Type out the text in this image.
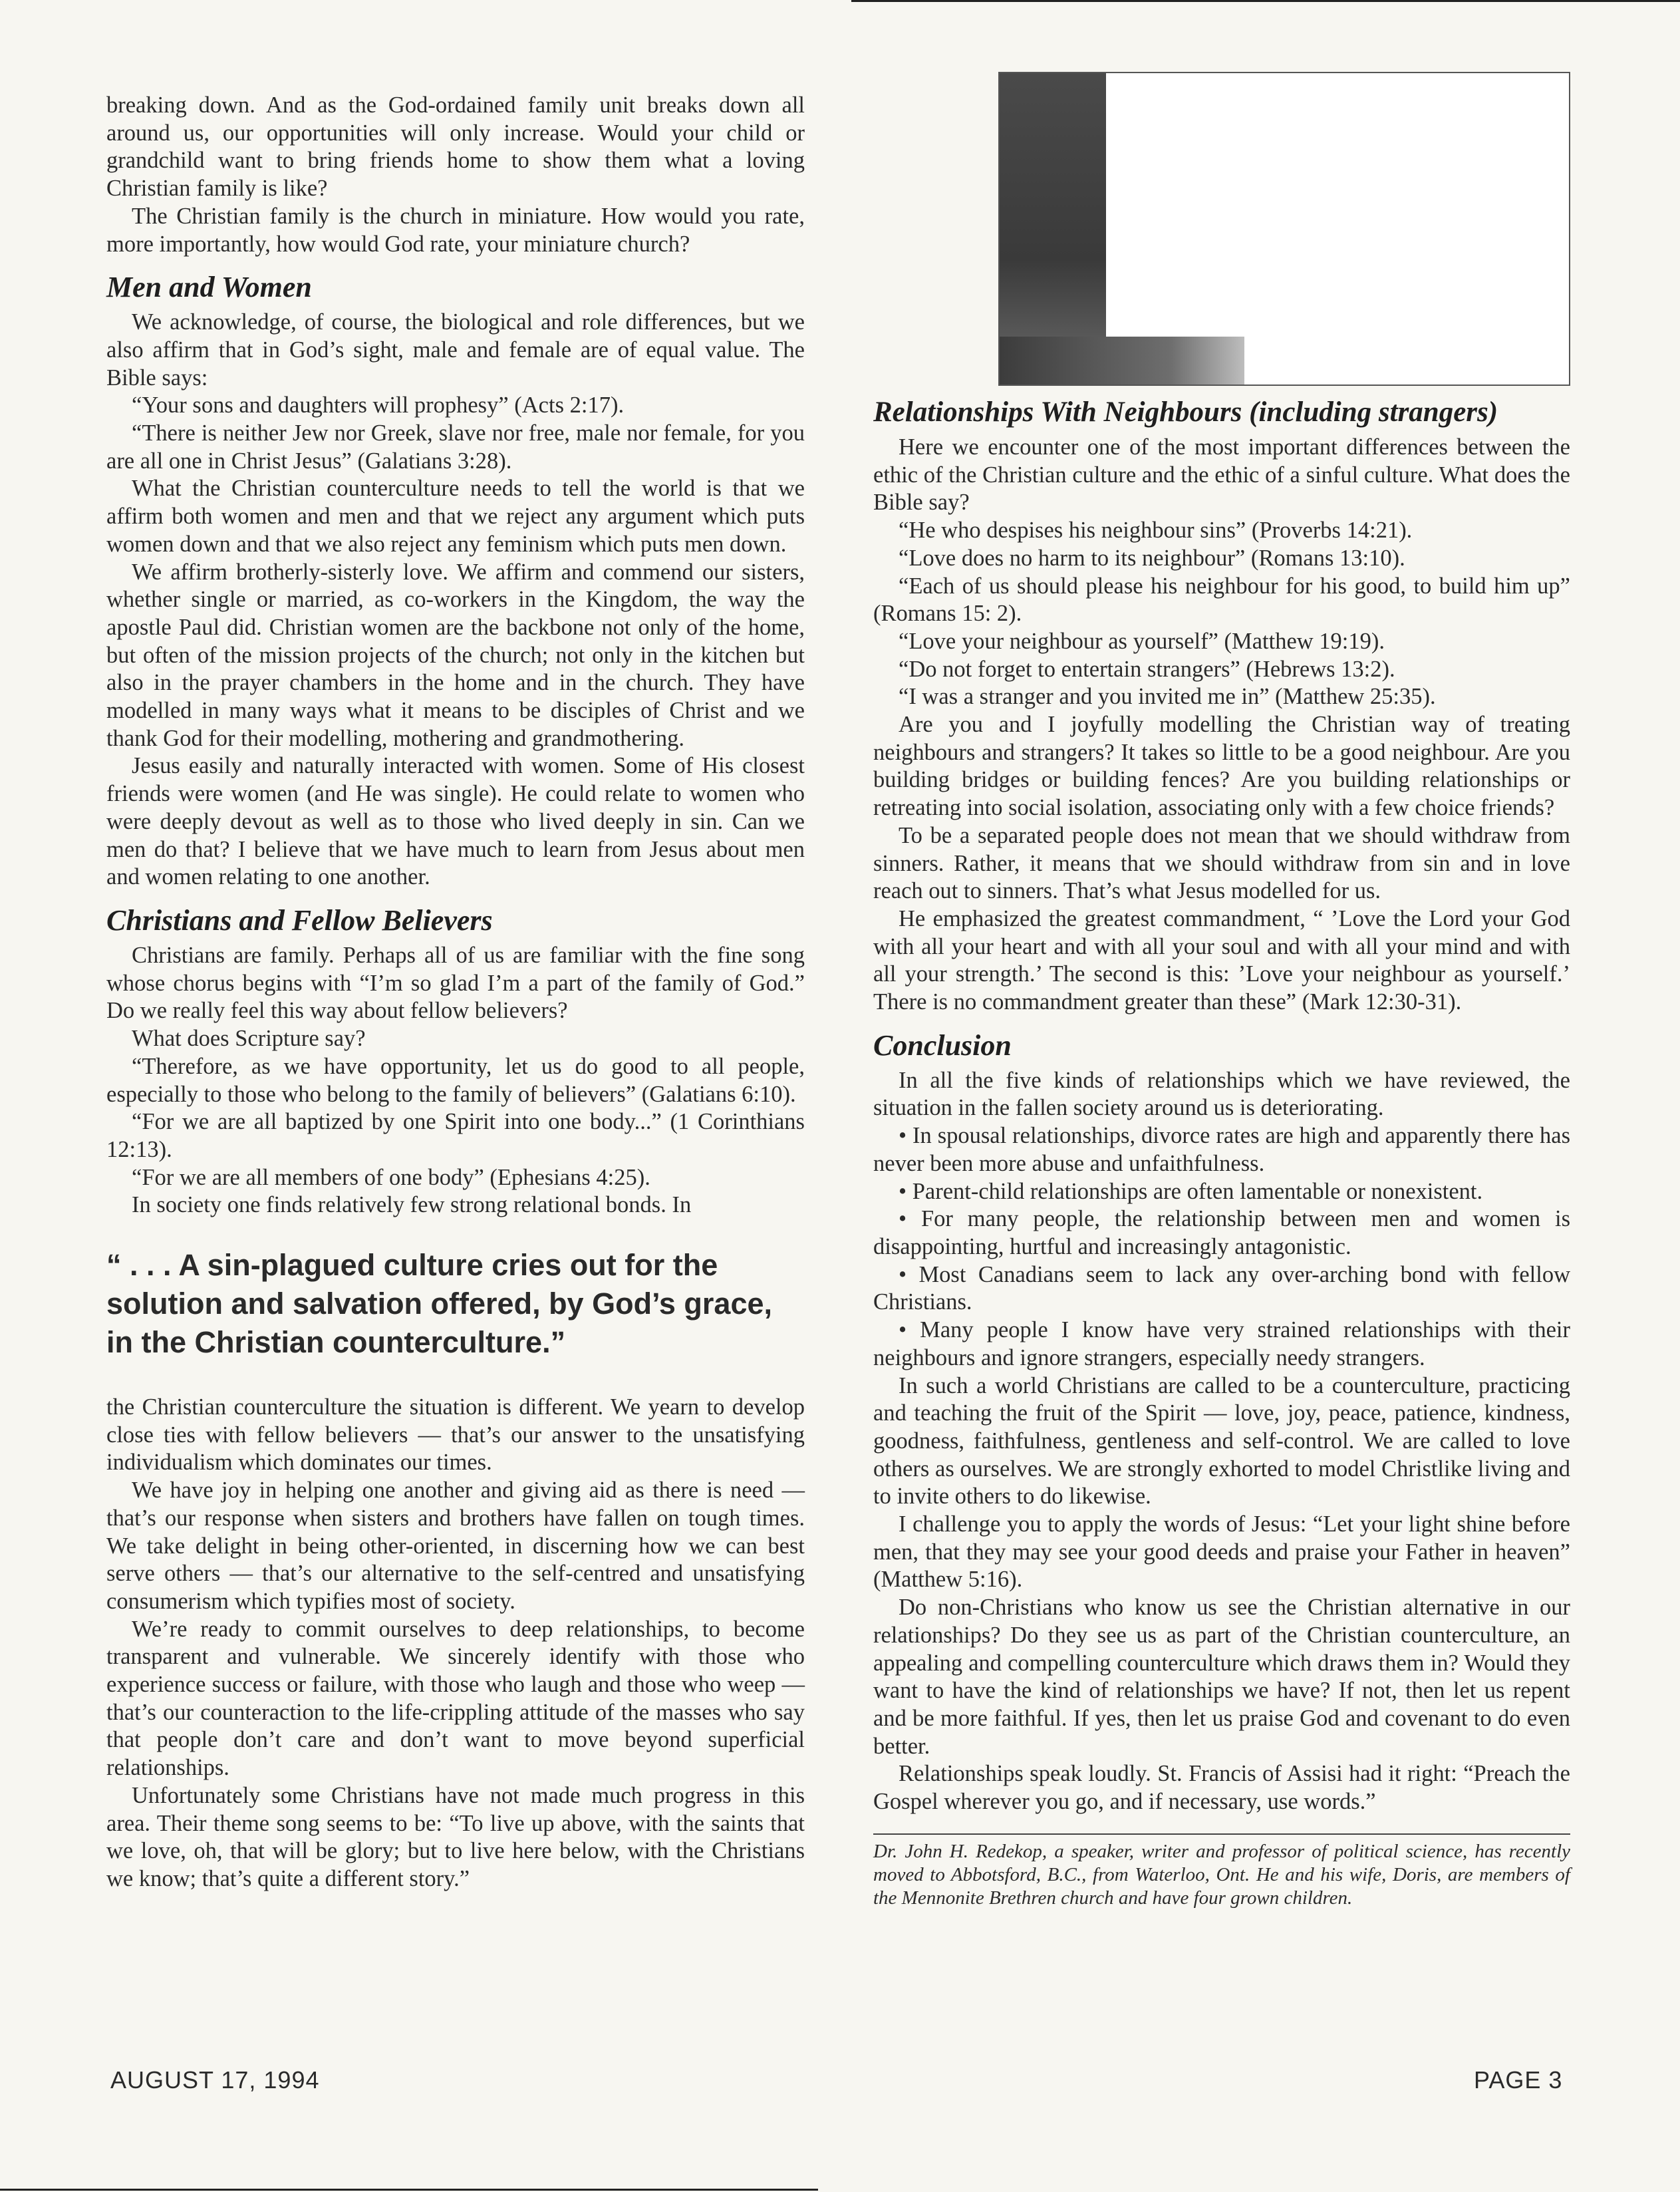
breaking down. And as the God-ordained family unit breaks down all around us, our opportunities will only increase. Would your child or grandchild want to bring friends home to show them what a loving Christian family is like?

The Christian family is the church in miniature. How would you rate, more importantly, how would God rate, your miniature church?

Men and Women

We acknowledge, of course, the biological and role differences, but we also affirm that in God’s sight, male and female are of equal value. The Bible says:

“Your sons and daughters will prophesy” (Acts 2:17).

“There is neither Jew nor Greek, slave nor free, male nor female, for you are all one in Christ Jesus” (Galatians 3:28).

What the Christian counterculture needs to tell the world is that we affirm both women and men and that we reject any argument which puts women down and that we also reject any feminism which puts men down.

We affirm brotherly-sisterly love. We affirm and commend our sisters, whether single or married, as co-workers in the Kingdom, the way the apostle Paul did. Christian women are the backbone not only of the home, but often of the mission projects of the church; not only in the kitchen but also in the prayer chambers in the home and in the church. They have modelled in many ways what it means to be disciples of Christ and we thank God for their modelling, mothering and grandmothering.

Jesus easily and naturally interacted with women. Some of His closest friends were women (and He was single). He could relate to women who were deeply devout as well as to those who lived deeply in sin. Can we men do that? I believe that we have much to learn from Jesus about men and women relating to one another.

Christians and Fellow Believers

Christians are family. Perhaps all of us are familiar with the fine song whose chorus begins with “I’m so glad I’m a part of the family of God.” Do we really feel this way about fellow believers?

What does Scripture say?

“Therefore, as we have opportunity, let us do good to all people, especially to those who belong to the family of believers” (Galatians 6:10).

“For we are all baptized by one Spirit into one body...” (1 Corinthians 12:13).

“For we are all members of one body” (Ephesians 4:25).

In society one finds relatively few strong relational bonds. In

“ . . . A sin-plagued culture cries out for the solution and salvation offered, by God’s grace, in the Christian counterculture.”

the Christian counterculture the situation is different. We yearn to develop close ties with fellow believers — that’s our answer to the unsatisfying individualism which dominates our times.

We have joy in helping one another and giving aid as there is need — that’s our response when sisters and brothers have fallen on tough times. We take delight in being other-oriented, in discerning how we can best serve others — that’s our alternative to the self-centred and unsatisfying consumerism which typifies most of society.

We’re ready to commit ourselves to deep relationships, to become transparent and vulnerable. We sincerely identify with those who experience success or failure, with those who laugh and those who weep — that’s our counteraction to the life-crippling attitude of the masses who say that people don’t care and don’t want to move beyond superficial relationships.

Unfortunately some Christians have not made much progress in this area. Their theme song seems to be: “To live up above, with the saints that we love, oh, that will be glory; but to live here below, with the Christians we know; that’s quite a different story.”

Relationships With Neighbours (including strangers)

Here we encounter one of the most important differences between the ethic of the Christian culture and the ethic of a sinful culture. What does the Bible say?

“He who despises his neighbour sins” (Proverbs 14:21).

“Love does no harm to its neighbour” (Romans 13:10).

“Each of us should please his neighbour for his good, to build him up” (Romans 15: 2).

“Love your neighbour as yourself” (Matthew 19:19).

“Do not forget to entertain strangers” (Hebrews 13:2).

“I was a stranger and you invited me in” (Matthew 25:35).

Are you and I joyfully modelling the Christian way of treating neighbours and strangers? It takes so little to be a good neighbour. Are you building bridges or building fences? Are you building relationships or retreating into social isolation, associating only with a few choice friends?

To be a separated people does not mean that we should withdraw from sinners. Rather, it means that we should withdraw from sin and in love reach out to sinners. That’s what Jesus modelled for us.

He emphasized the greatest commandment, “ ’Love the Lord your God with all your heart and with all your soul and with all your mind and with all your strength.’ The second is this: ’Love your neighbour as yourself.’ There is no commandment greater than these” (Mark 12:30-31).

Conclusion

In all the five kinds of relationships which we have reviewed, the situation in the fallen society around us is deteriorating.

• In spousal relationships, divorce rates are high and apparently there has never been more abuse and unfaithfulness.

• Parent-child relationships are often lamentable or nonexistent.

• For many people, the relationship between men and women is disappointing, hurtful and increasingly antagonistic.

• Most Canadians seem to lack any over-arching bond with fellow Christians.

• Many people I know have very strained relationships with their neighbours and ignore strangers, especially needy strangers.

In such a world Christians are called to be a counterculture, practicing and teaching the fruit of the Spirit — love, joy, peace, patience, kindness, goodness, faithfulness, gentleness and self-control. We are called to love others as ourselves. We are strongly exhorted to model Christlike living and to invite others to do likewise.

I challenge you to apply the words of Jesus: “Let your light shine before men, that they may see your good deeds and praise your Father in heaven” (Matthew 5:16).

Do non-Christians who know us see the Christian alternative in our relationships? Do they see us as part of the Christian counterculture, an appealing and compelling counterculture which draws them in? Would they want to have the kind of relationships we have? If not, then let us repent and be more faithful. If yes, then let us praise God and covenant to do even better.

Relationships speak loudly. St. Francis of Assisi had it right: “Preach the Gospel wherever you go, and if necessary, use words.”

Dr. John H. Redekop, a speaker, writer and professor of political science, has recently moved to Abbotsford, B.C., from Waterloo, Ont. He and his wife, Doris, are members of the Mennonite Brethren church and have four grown children.
AUGUST 17, 1994	PAGE 3
